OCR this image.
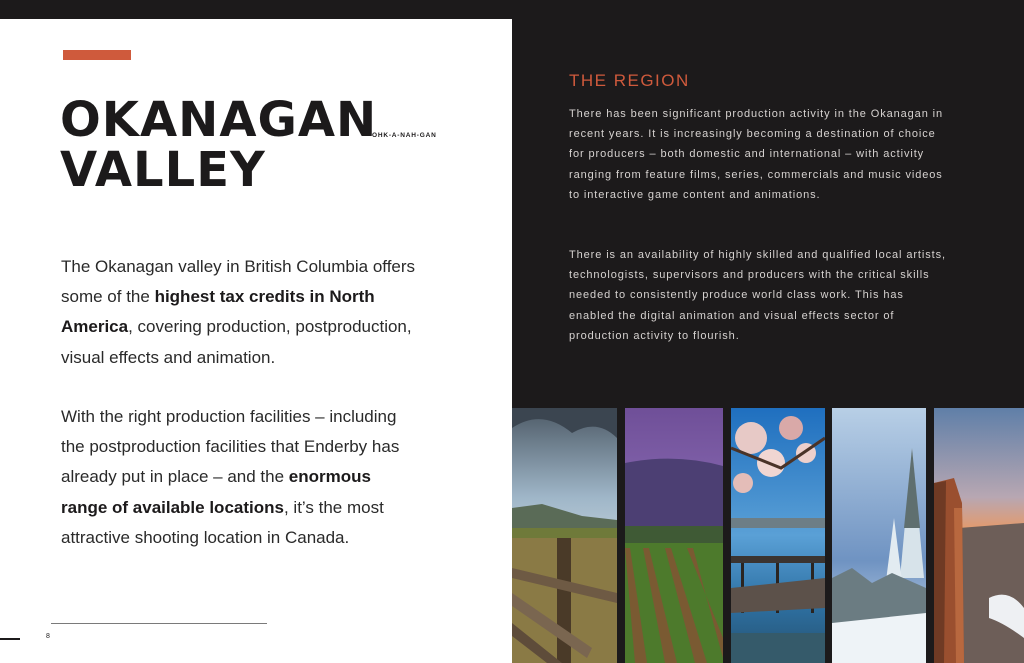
OKANAGAN
VALLEY
OHK-A-NAH-GAN

The Okanagan valley in British Columbia offers some of the highest tax credits in North America, covering production, postproduction, visual effects and animation.

With the right production facilities – including the postproduction facilities that Enderby has already put in place – and the enormous range of available locations, it’s the most attractive shooting location in Canada.

8
THE REGION

There has been significant production activity in the Okanagan in recent years. It is increasingly becoming a destination of choice for producers – both domestic and international – with activity ranging from feature films, series, commercials and music videos to interactive game content and animations.

There is an availability of highly skilled and qualified local artists, technologists, supervisors and producers with the critical skills needed to consistently produce world class work. This has enabled the digital animation and visual effects sector of production activity to flourish.
